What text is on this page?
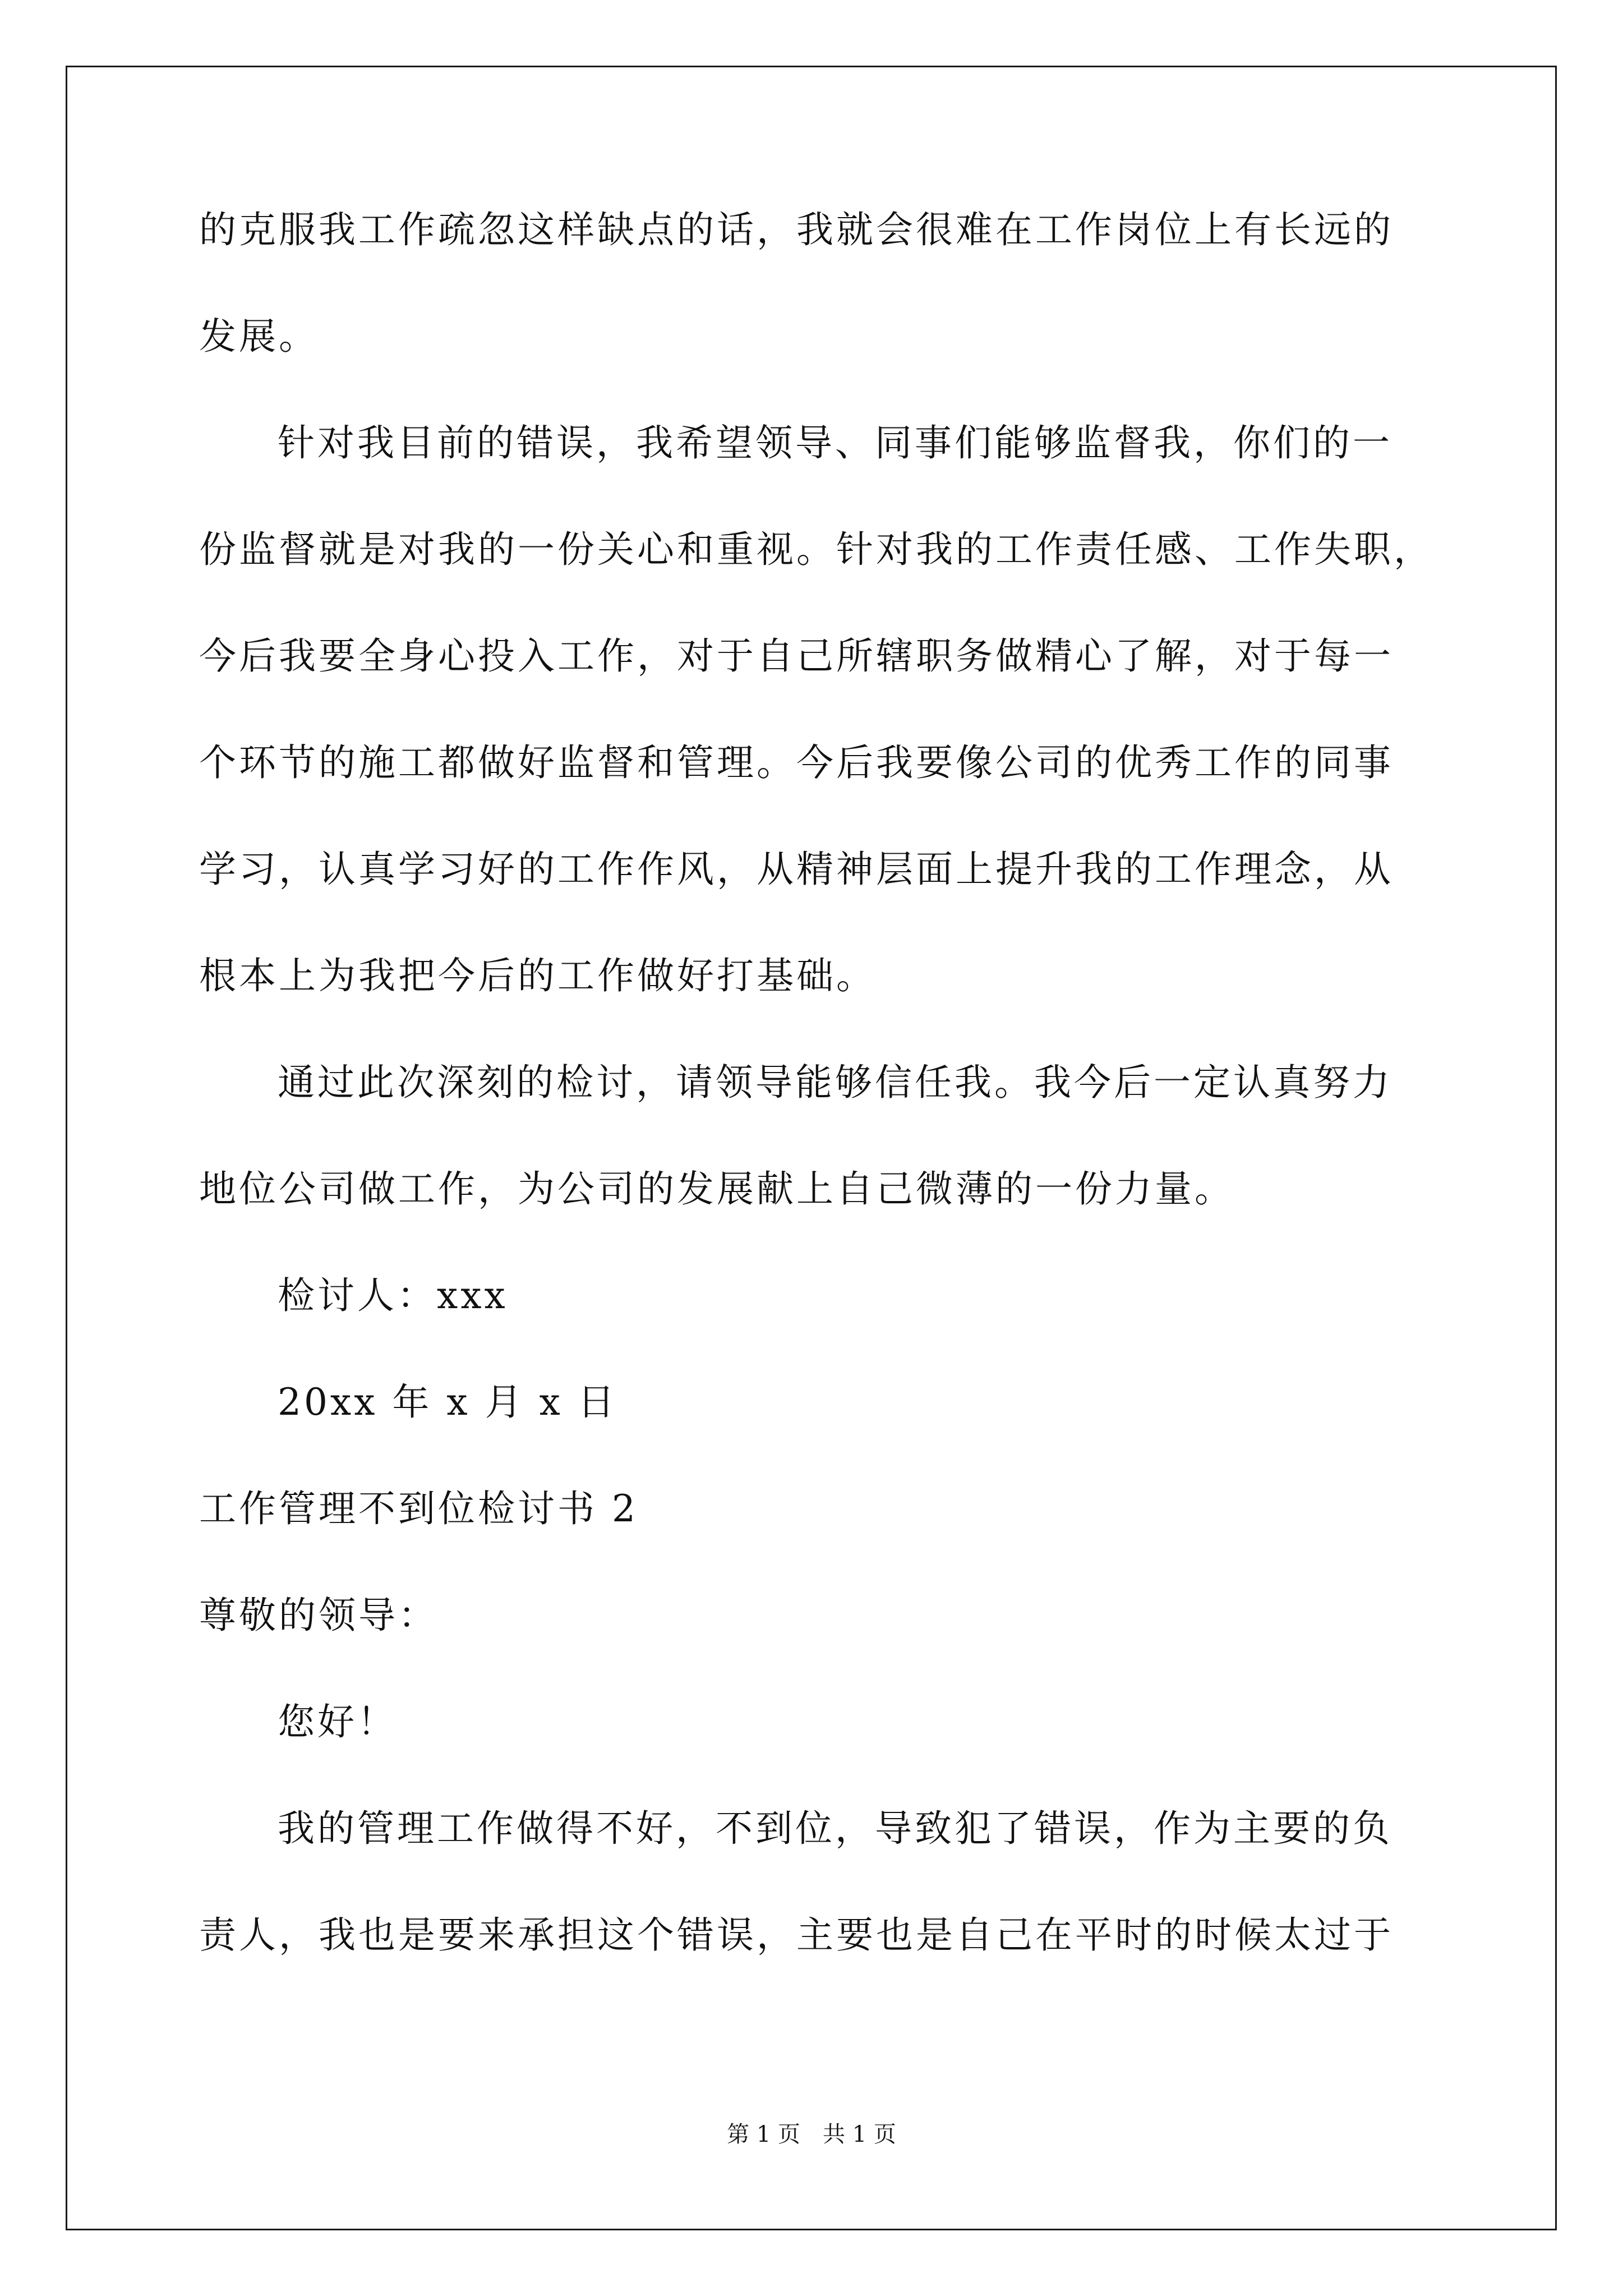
的克服我工作疏忽这样缺点的话，我就会很难在工作岗位上有长远的
发展。
针对我目前的错误，我希望领导、同事们能够监督我，你们的一
份监督就是对我的一份关心和重视。针对我的工作责任感、工作失职，
今后我要全身心投入工作，对于自己所辖职务做精心了解，对于每一
个环节的施工都做好监督和管理。今后我要像公司的优秀工作的同事
学习，认真学习好的工作作风，从精神层面上提升我的工作理念，从
根本上为我把今后的工作做好打基础。
通过此次深刻的检讨，请领导能够信任我。我今后一定认真努力
地位公司做工作，为公司的发展献上自己微薄的一份力量。
检讨人：xxx
20xx 年 x 月 x 日
工作管理不到位检讨书 2
尊敬的领导：
您好！
我的管理工作做得不好，不到位，导致犯了错误，作为主要的负
责人，我也是要来承担这个错误，主要也是自己在平时的时候太过于
第 1 页　共 1 页
